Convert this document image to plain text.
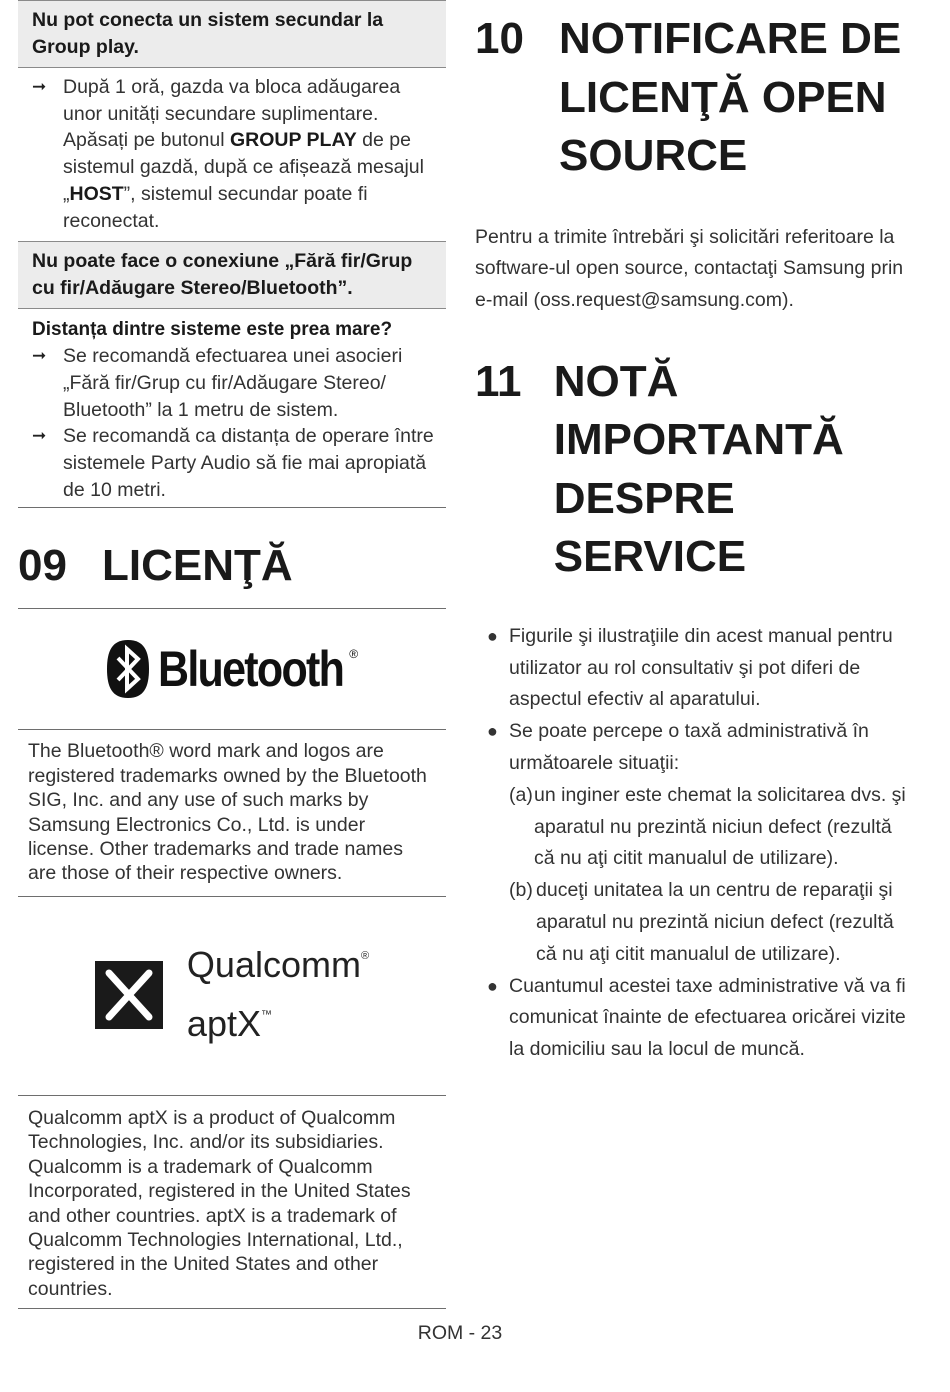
Nu pot conecta un sistem secundar la Group play.
➞ După 1 oră, gazda va bloca adăugarea unor unități secundare suplimentare. Apăsați pe butonul GROUP PLAY de pe sistemul gazdă, după ce afișează mesajul „HOST”, sistemul secundar poate fi reconectat.
Nu poate face o conexiune „Fără fir/Grup cu fir/Adăugare Stereo/Bluetooth”.
Distanța dintre sisteme este prea mare?
➞ Se recomandă efectuarea unei asocieri „Fără fir/Grup cu fir/Adăugare Stereo/ Bluetooth” la 1 metru de sistem.
➞ Se recomandă ca distanța de operare între sistemele Party Audio să fie mai apropiată de 10 metri.
09 LICENŢĂ
Bluetooth ®
The Bluetooth® word mark and logos are registered trademarks owned by the Bluetooth SIG, Inc. and any use of such marks by Samsung Electronics Co., Ltd. is under license. Other trademarks and trade names are those of their respective owners.
Qualcomm®
aptX™
Qualcomm aptX is a product of Qualcomm Technologies, Inc. and/or its subsidiaries. Qualcomm is a trademark of Qualcomm Incorporated, registered in the United States and other countries. aptX is a trademark of Qualcomm Technologies International, Ltd., registered in the United States and other countries.
10 NOTIFICARE DE
LICENŢĂ OPEN
SOURCE
Pentru a trimite întrebări şi solicitări referitoare la software-ul open source, contactaţi Samsung prin e-mail (oss.request@samsung.com).
11 NOTĂ
IMPORTANTĂ
DESPRE SERVICE
● Figurile şi ilustraţiile din acest manual pentru utilizator au rol consultativ şi pot diferi de aspectul efectiv al aparatului.
● Se poate percepe o taxă administrativă în următoarele situaţii:
(a) un inginer este chemat la solicitarea dvs. şi aparatul nu prezintă niciun defect (rezultă că nu aţi citit manualul de utilizare).
(b) duceţi unitatea la un centru de reparaţii şi aparatul nu prezintă niciun defect (rezultă că nu aţi citit manualul de utilizare).
● Cuantumul acestei taxe administrative vă va fi comunicat înainte de efectuarea oricărei vizite la domiciliu sau la locul de muncă.
ROM - 23
